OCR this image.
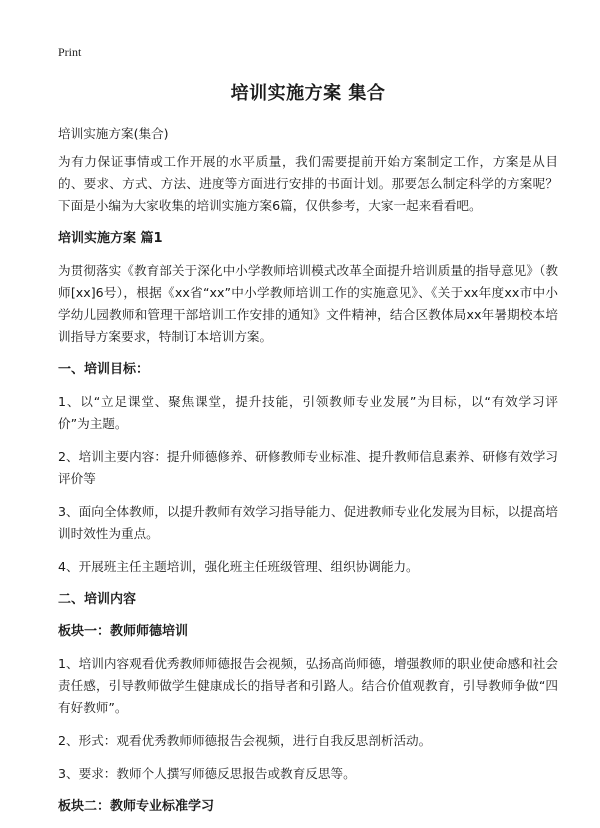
Print
培训实施方案 集合
培训实施方案(集合)
为有力保证事情或工作开展的水平质量，我们需要提前开始方案制定工作，方案是从目的、要求、方式、方法、进度等方面进行安排的书面计划。那要怎么制定科学的方案呢？下面是小编为大家收集的培训实施方案6篇，仅供参考，大家一起来看看吧。
培训实施方案 篇1
为贯彻落实《教育部关于深化中小学教师培训模式改革全面提升培训质量的指导意见》（教师[xx]6号），根据《xx省“xx”中小学教师培训工作的实施意见》、《关于xx年度xx市中小学幼儿园教师和管理干部培训工作安排的通知》文件精神，结合区教体局xx年暑期校本培训指导方案要求，特制订本培训方案。
一、培训目标：
1、以“立足课堂、聚焦课堂，提升技能，引领教师专业发展”为目标，以“有效学习评价”为主题。
2、培训主要内容：提升师德修养、研修教师专业标准、提升教师信息素养、研修有效学习评价等
3、面向全体教师，以提升教师有效学习指导能力、促进教师专业化发展为目标，以提高培训时效性为重点。
4、开展班主任主题培训，强化班主任班级管理、组织协调能力。
二、培训内容
板块一：教师师德培训
1、培训内容观看优秀教师师德报告会视频，弘扬高尚师德，增强教师的职业使命感和社会责任感，引导教师做学生健康成长的指导者和引路人。结合价值观教育，引导教师争做“四有好教师”。
2、形式：观看优秀教师师德报告会视频，进行自我反思剖析活动。
3、要求：教师个人撰写师德反思报告或教育反思等。
板块二：教师专业标准学习
